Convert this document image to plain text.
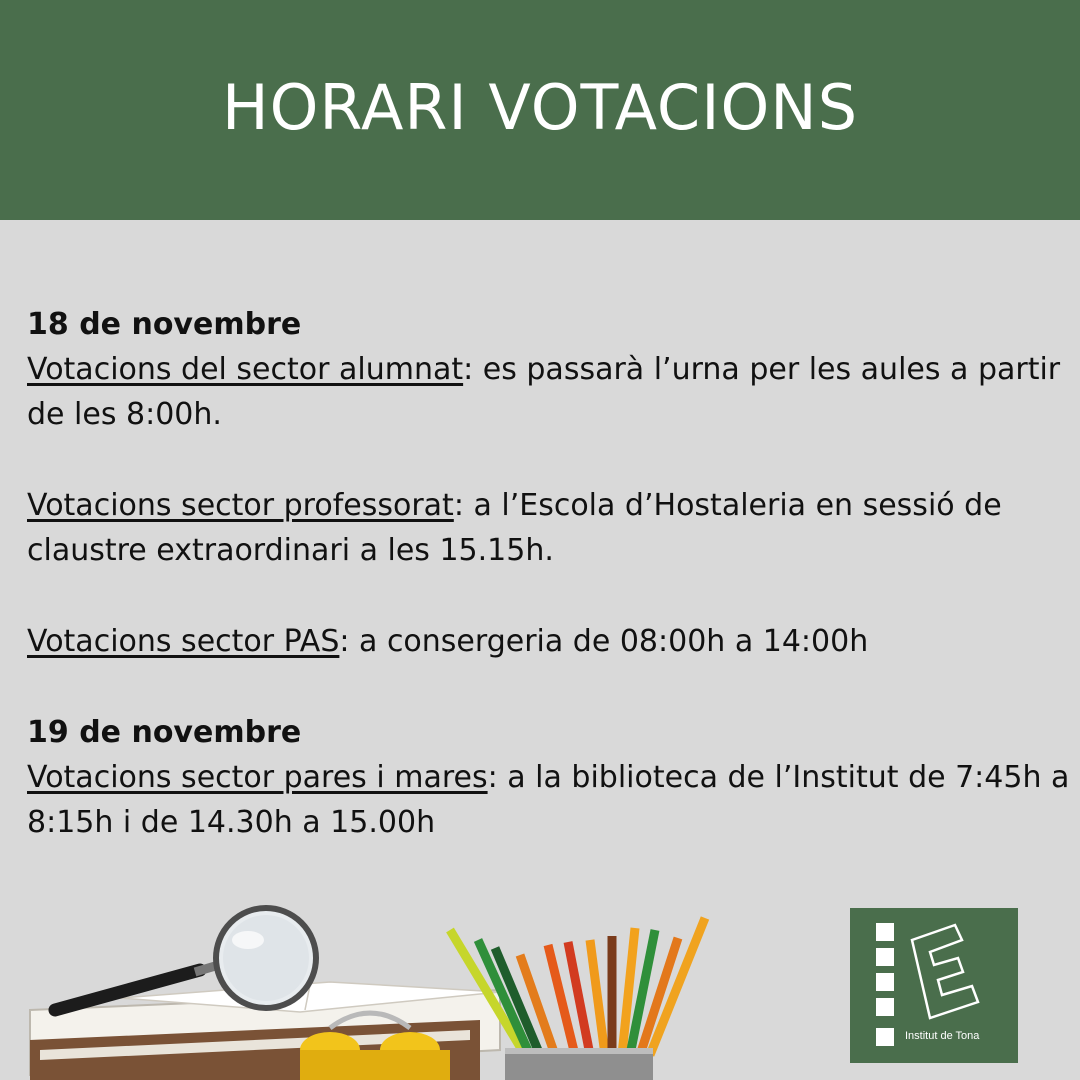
HORARI VOTACIONS
18 de novembre
Votacions del sector alumnat: es passarà l’urna per les aules a partir de les 8:00h.
Votacions sector professorat: a l’Escola d’Hostaleria en sessió de claustre extraordinari a les 15.15h.
Votacions sector PAS: a consergeria de 08:00h a 14:00h
19 de novembre
Votacions sector pares i mares: a la biblioteca de l’Institut de 7:45h a 8:15h i de 14.30h a 15.00h
Institut de Tona
